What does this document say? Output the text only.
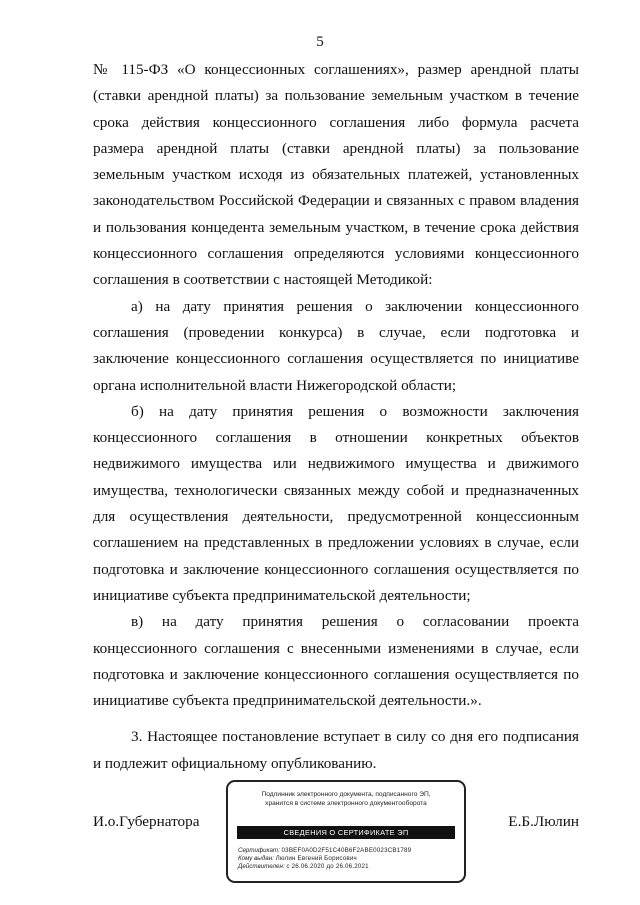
5

№ 115-ФЗ «О концессионных соглашениях», размер арендной платы (ставки арендной платы) за пользование земельным участком в течение срока действия концессионного соглашения либо формула расчета размера арендной платы (ставки арендной платы) за пользование земельным участком исходя из обязательных платежей, установленных законодательством Российской Федерации и связанных с правом владения и пользования концедента земельным участком, в течение срока действия концессионного соглашения определяются условиями концессионного соглашения в соответствии с настоящей Методикой:

а) на дату принятия решения о заключении концессионного соглашения (проведении конкурса) в случае, если подготовка и заключение концессионного соглашения осуществляется по инициативе органа исполнительной власти Нижегородской области;

б) на дату принятия решения о возможности заключения концессионного соглашения в отношении конкретных объектов недвижимого имущества или недвижимого имущества и движимого имущества, технологически связанных между собой и предназначенных для осуществления деятельности, предусмотренной концессионным соглашением на представленных в предложении условиях в случае, если подготовка и заключение концессионного соглашения осуществляется по инициативе субъекта предпринимательской деятельности;

в) на дату принятия решения о согласовании проекта концессионного соглашения с внесенными изменениями в случае, если подготовка и заключение концессионного соглашения осуществляется по инициативе субъекта предпринимательской деятельности.».

3. Настоящее постановление вступает в силу со дня его подписания и подлежит официальному опубликованию.

И.о.Губернатора	Е.Б.Люлин
Подлинник электронного документа, подписанного ЭП,
хранится в системе электронного документооборота
СВЕДЕНИЯ О СЕРТИФИКАТЕ ЭП
Сертификат: 03BEF0A0D2F51C40B6F2ABE0023CB1789
Кому выдан: Люлин Евгений Борисович
Действителен: с 26.06.2020 до 26.06.2021
